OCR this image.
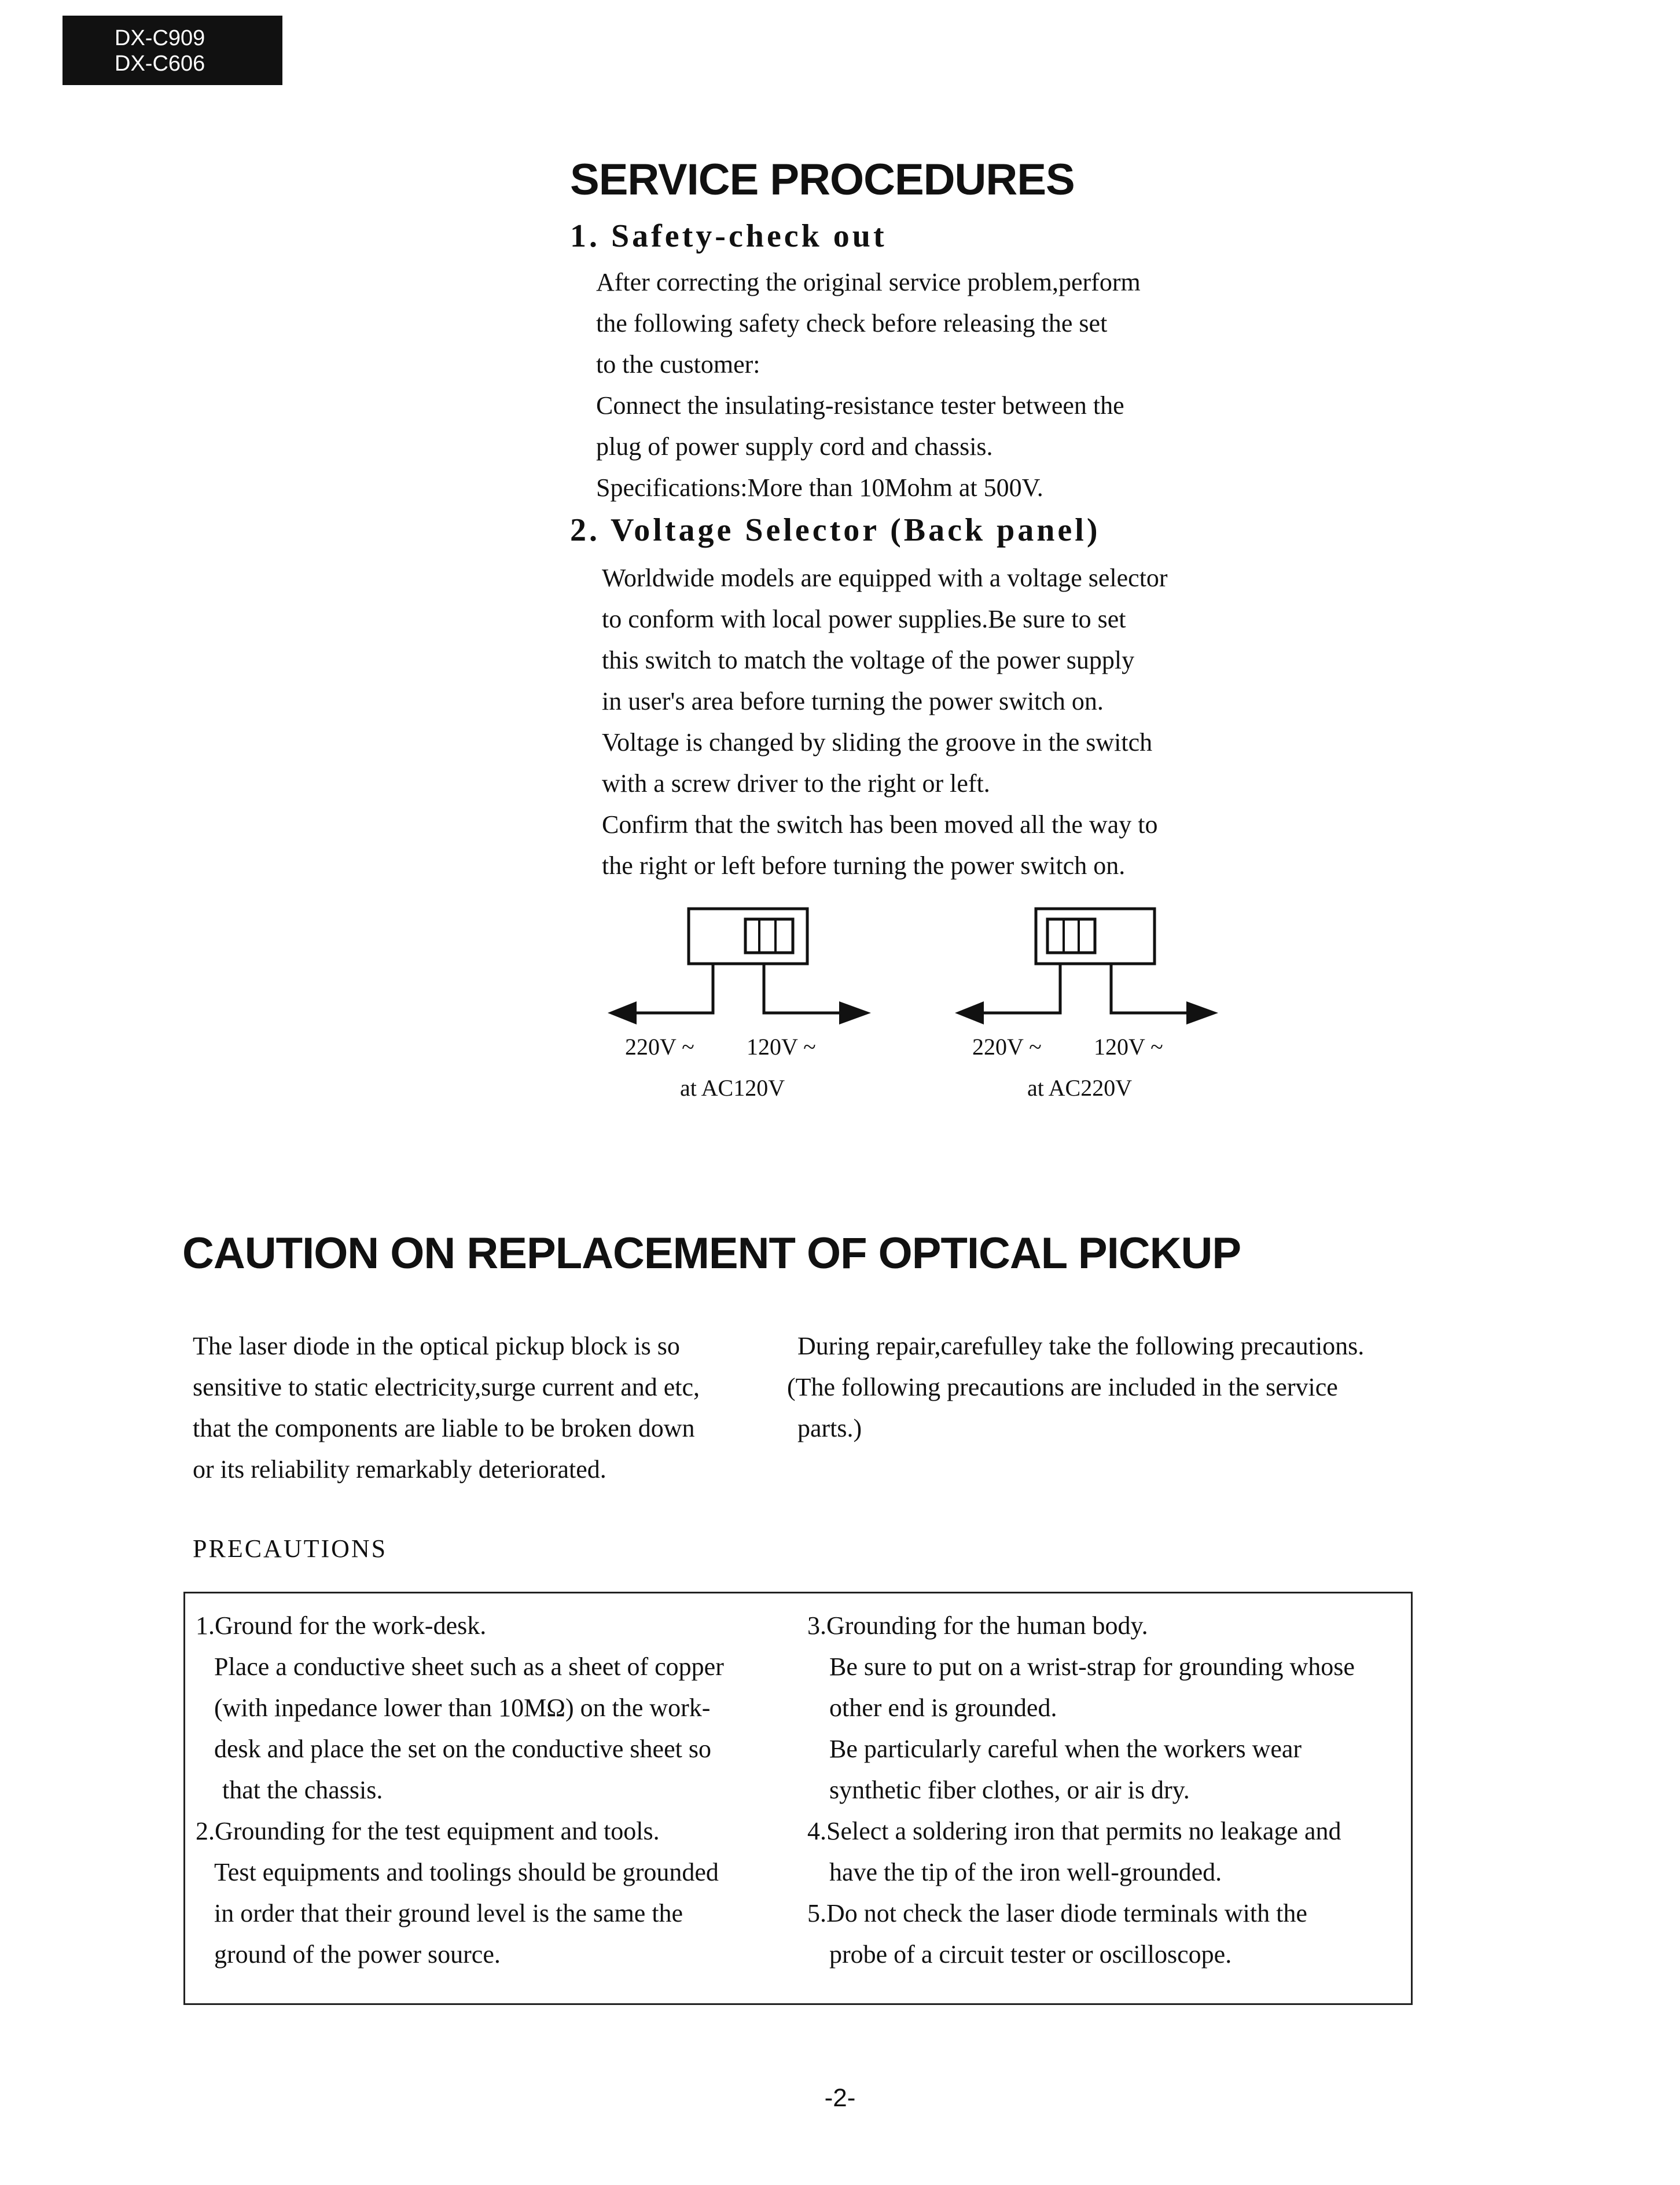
DX-C909
DX-C606
SERVICE PROCEDURES
1. Safety-check out
After correcting the original service problem,perform
the following safety check before releasing the set
to the customer:
Connect the insulating-resistance tester between the
plug of power supply cord and chassis.
Specifications:More than 10Mohm at 500V.
2. Voltage Selector (Back panel)
Worldwide models are equipped with a voltage selector
to conform with local power supplies.Be sure to set
this switch to match the voltage of the power supply
in user's area before turning the power switch on.
Voltage is changed by sliding the groove in the switch
with a screw driver to the right or left.
Confirm that the switch has been moved all the way to
the right or left before turning the power switch on.
220V ~ 120V ~
at AC120V
220V ~ 120V ~
at AC220V
CAUTION ON REPLACEMENT OF OPTICAL PICKUP
The laser diode in the optical pickup block is so
sensitive to static electricity,surge current and etc,
that the components are liable to be broken down
or its reliability remarkably deteriorated.
During repair,carefulley take the following precautions.
(The following precautions are included in the service
parts.)
PRECAUTIONS
1.Ground for the work-desk.
Place a conductive sheet such as a sheet of copper
(with inpedance lower than 10MΩ) on the work-
desk and place the set on the conductive sheet so
that the chassis.
2.Grounding for the test equipment and tools.
Test equipments and toolings should be grounded
in order that their ground level is the same the
ground of the power source.
3.Grounding for the human body.
Be sure to put on a wrist-strap for grounding whose
other end is grounded.
Be particularly careful when the workers wear
synthetic fiber clothes, or air is dry.
4.Select a soldering iron that permits no leakage and
have the tip of the iron well-grounded.
5.Do not check the laser diode terminals with the
probe of a circuit tester or oscilloscope.
-2-
